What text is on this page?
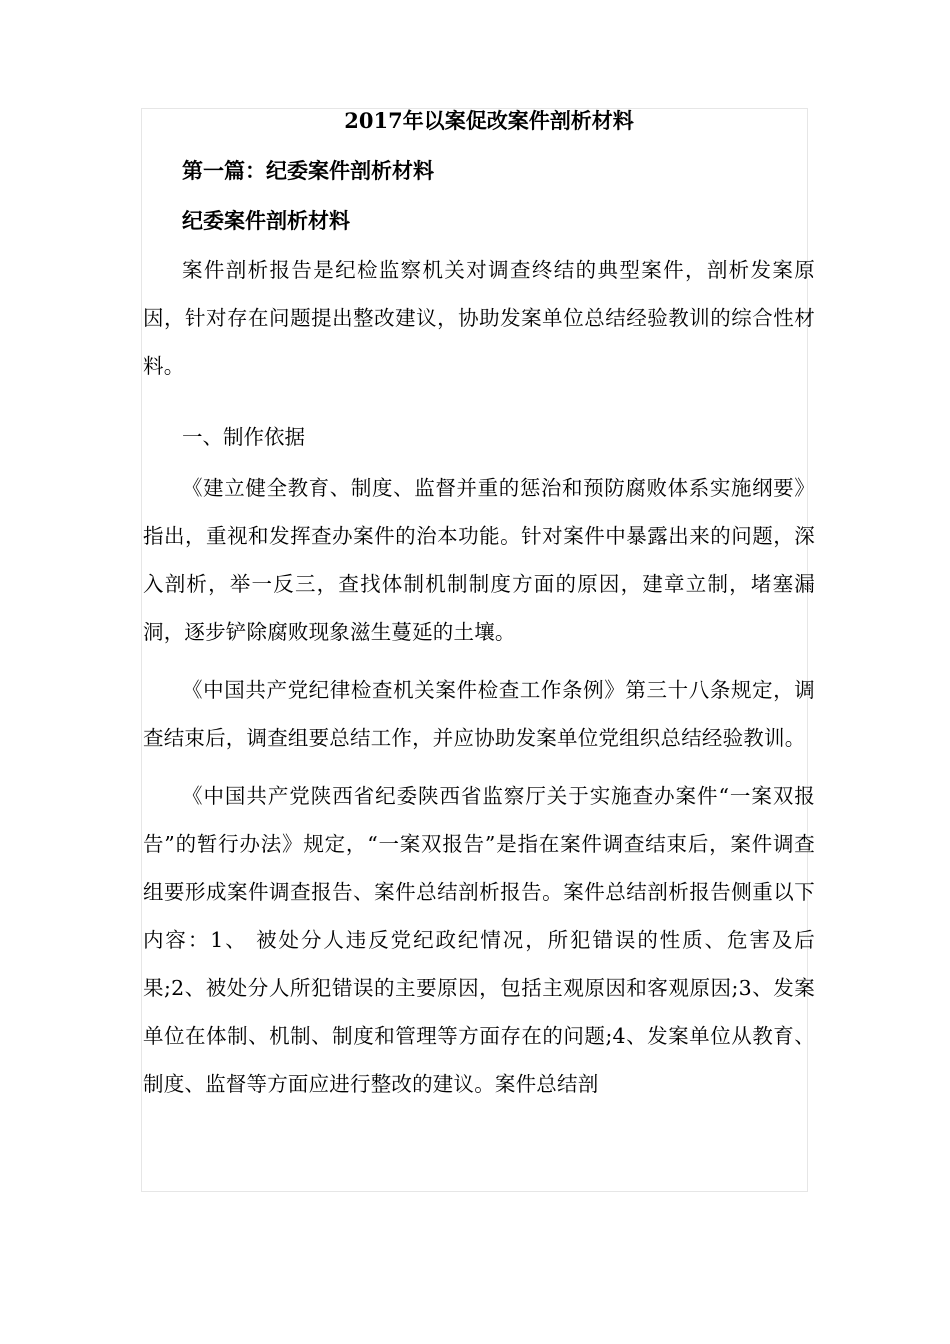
2017年以案促改案件剖析材料

第一篇：纪委案件剖析材料

纪委案件剖析材料

案件剖析报告是纪检监察机关对调查终结的典型案件，剖析发案原因，针对存在问题提出整改建议，协助发案单位总结经验教训的综合性材料。

一、制作依据

《建立健全教育、制度、监督并重的惩治和预防腐败体系实施纲要》指出，重视和发挥查办案件的治本功能。针对案件中暴露出来的问题，深入剖析，举一反三，查找体制机制制度方面的原因，建章立制，堵塞漏洞，逐步铲除腐败现象滋生蔓延的土壤。

《中国共产党纪律检查机关案件检查工作条例》第三十八条规定，调查结束后，调查组要总结工作，并应协助发案单位党组织总结经验教训。

《中国共产党陕西省纪委陕西省监察厅关于实施查办案件“一案双报告”的暂行办法》规定，“一案双报告”是指在案件调查结束后，案件调查组要形成案件调查报告、案件总结剖析报告。案件总结剖析报告侧重以下内容：1、 被处分人违反党纪政纪情况，所犯错误的性质、危害及后果;2、被处分人所犯错误的主要原因，包括主观原因和客观原因;3、发案单位在体制、机制、制度和管理等方面存在的问题;4、发案单位从教育、制度、监督等方面应进行整改的建议。案件总结剖
